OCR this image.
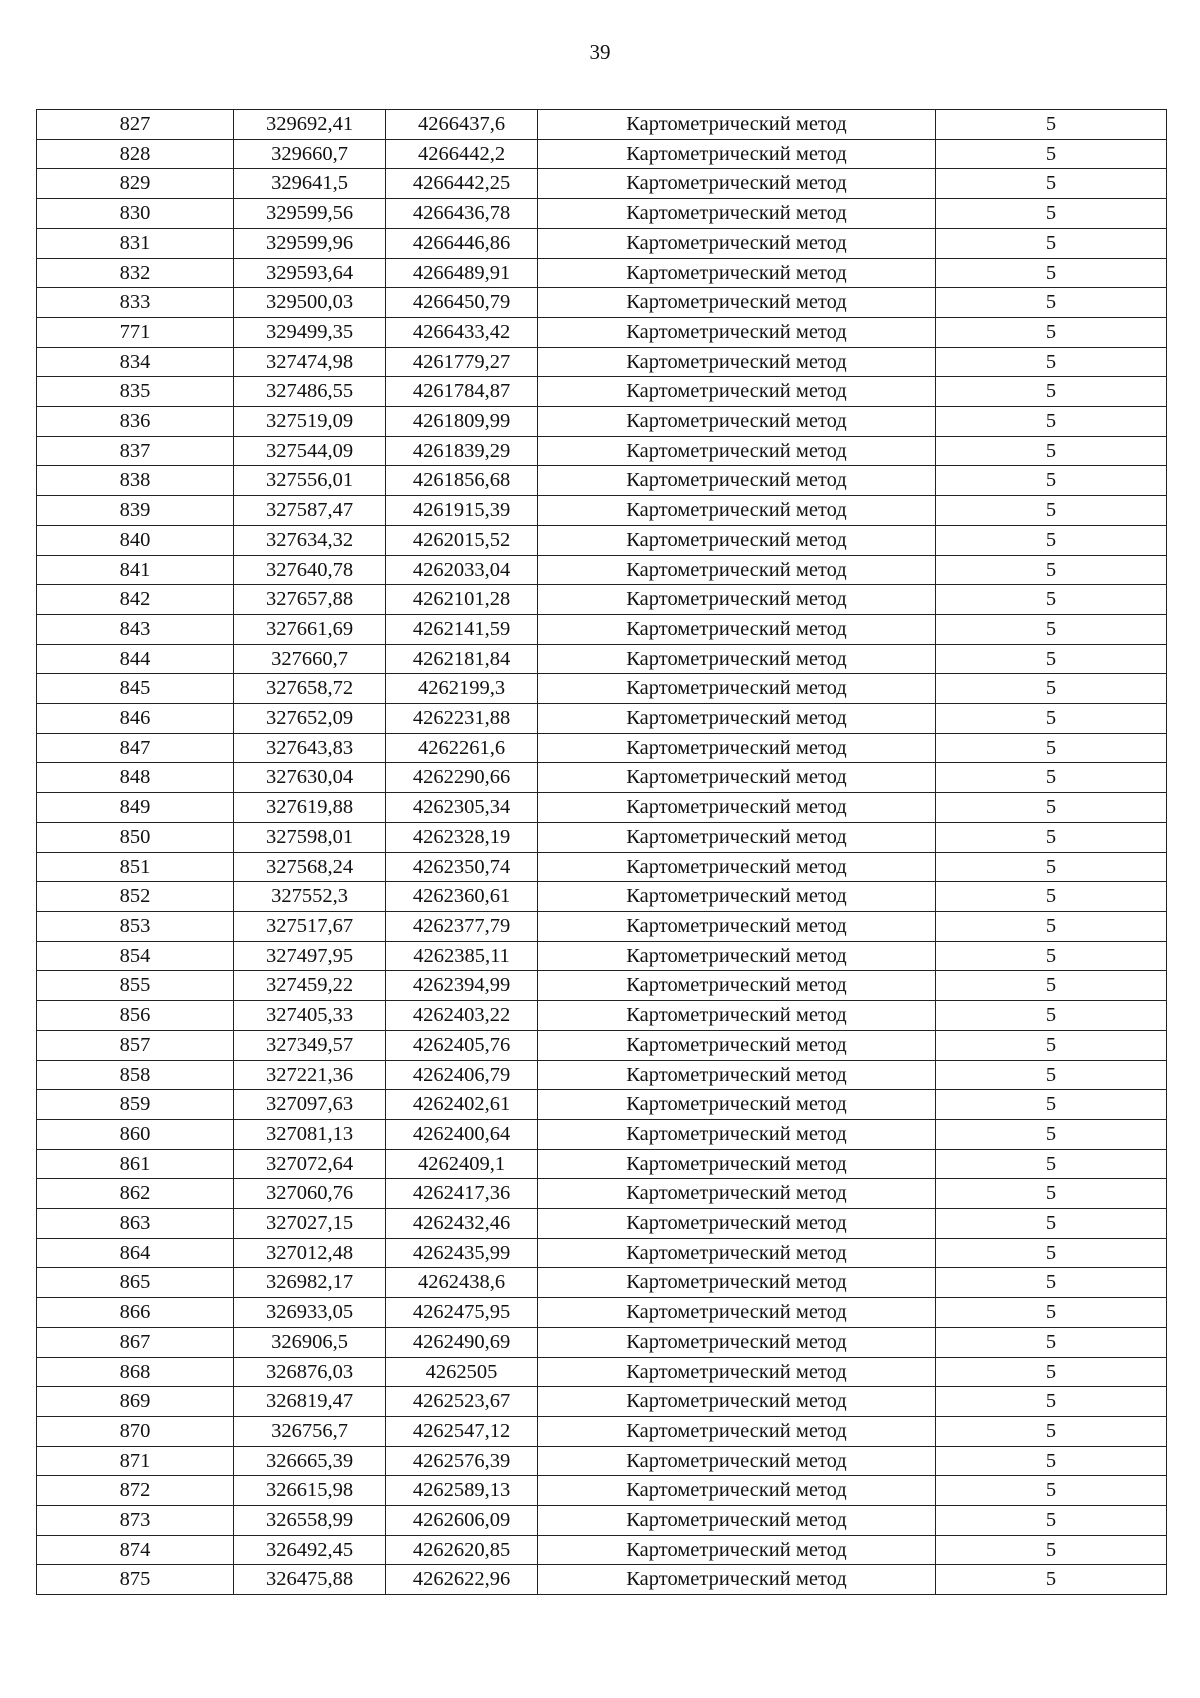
39
827	329692,41	4266437,6	Картометрический метод	5
828	329660,7	4266442,2	Картометрический метод	5
829	329641,5	4266442,25	Картометрический метод	5
830	329599,56	4266436,78	Картометрический метод	5
831	329599,96	4266446,86	Картометрический метод	5
832	329593,64	4266489,91	Картометрический метод	5
833	329500,03	4266450,79	Картометрический метод	5
771	329499,35	4266433,42	Картометрический метод	5
834	327474,98	4261779,27	Картометрический метод	5
835	327486,55	4261784,87	Картометрический метод	5
836	327519,09	4261809,99	Картометрический метод	5
837	327544,09	4261839,29	Картометрический метод	5
838	327556,01	4261856,68	Картометрический метод	5
839	327587,47	4261915,39	Картометрический метод	5
840	327634,32	4262015,52	Картометрический метод	5
841	327640,78	4262033,04	Картометрический метод	5
842	327657,88	4262101,28	Картометрический метод	5
843	327661,69	4262141,59	Картометрический метод	5
844	327660,7	4262181,84	Картометрический метод	5
845	327658,72	4262199,3	Картометрический метод	5
846	327652,09	4262231,88	Картометрический метод	5
847	327643,83	4262261,6	Картометрический метод	5
848	327630,04	4262290,66	Картометрический метод	5
849	327619,88	4262305,34	Картометрический метод	5
850	327598,01	4262328,19	Картометрический метод	5
851	327568,24	4262350,74	Картометрический метод	5
852	327552,3	4262360,61	Картометрический метод	5
853	327517,67	4262377,79	Картометрический метод	5
854	327497,95	4262385,11	Картометрический метод	5
855	327459,22	4262394,99	Картометрический метод	5
856	327405,33	4262403,22	Картометрический метод	5
857	327349,57	4262405,76	Картометрический метод	5
858	327221,36	4262406,79	Картометрический метод	5
859	327097,63	4262402,61	Картометрический метод	5
860	327081,13	4262400,64	Картометрический метод	5
861	327072,64	4262409,1	Картометрический метод	5
862	327060,76	4262417,36	Картометрический метод	5
863	327027,15	4262432,46	Картометрический метод	5
864	327012,48	4262435,99	Картометрический метод	5
865	326982,17	4262438,6	Картометрический метод	5
866	326933,05	4262475,95	Картометрический метод	5
867	326906,5	4262490,69	Картометрический метод	5
868	326876,03	4262505	Картометрический метод	5
869	326819,47	4262523,67	Картометрический метод	5
870	326756,7	4262547,12	Картометрический метод	5
871	326665,39	4262576,39	Картометрический метод	5
872	326615,98	4262589,13	Картометрический метод	5
873	326558,99	4262606,09	Картометрический метод	5
874	326492,45	4262620,85	Картометрический метод	5
875	326475,88	4262622,96	Картометрический метод	5
